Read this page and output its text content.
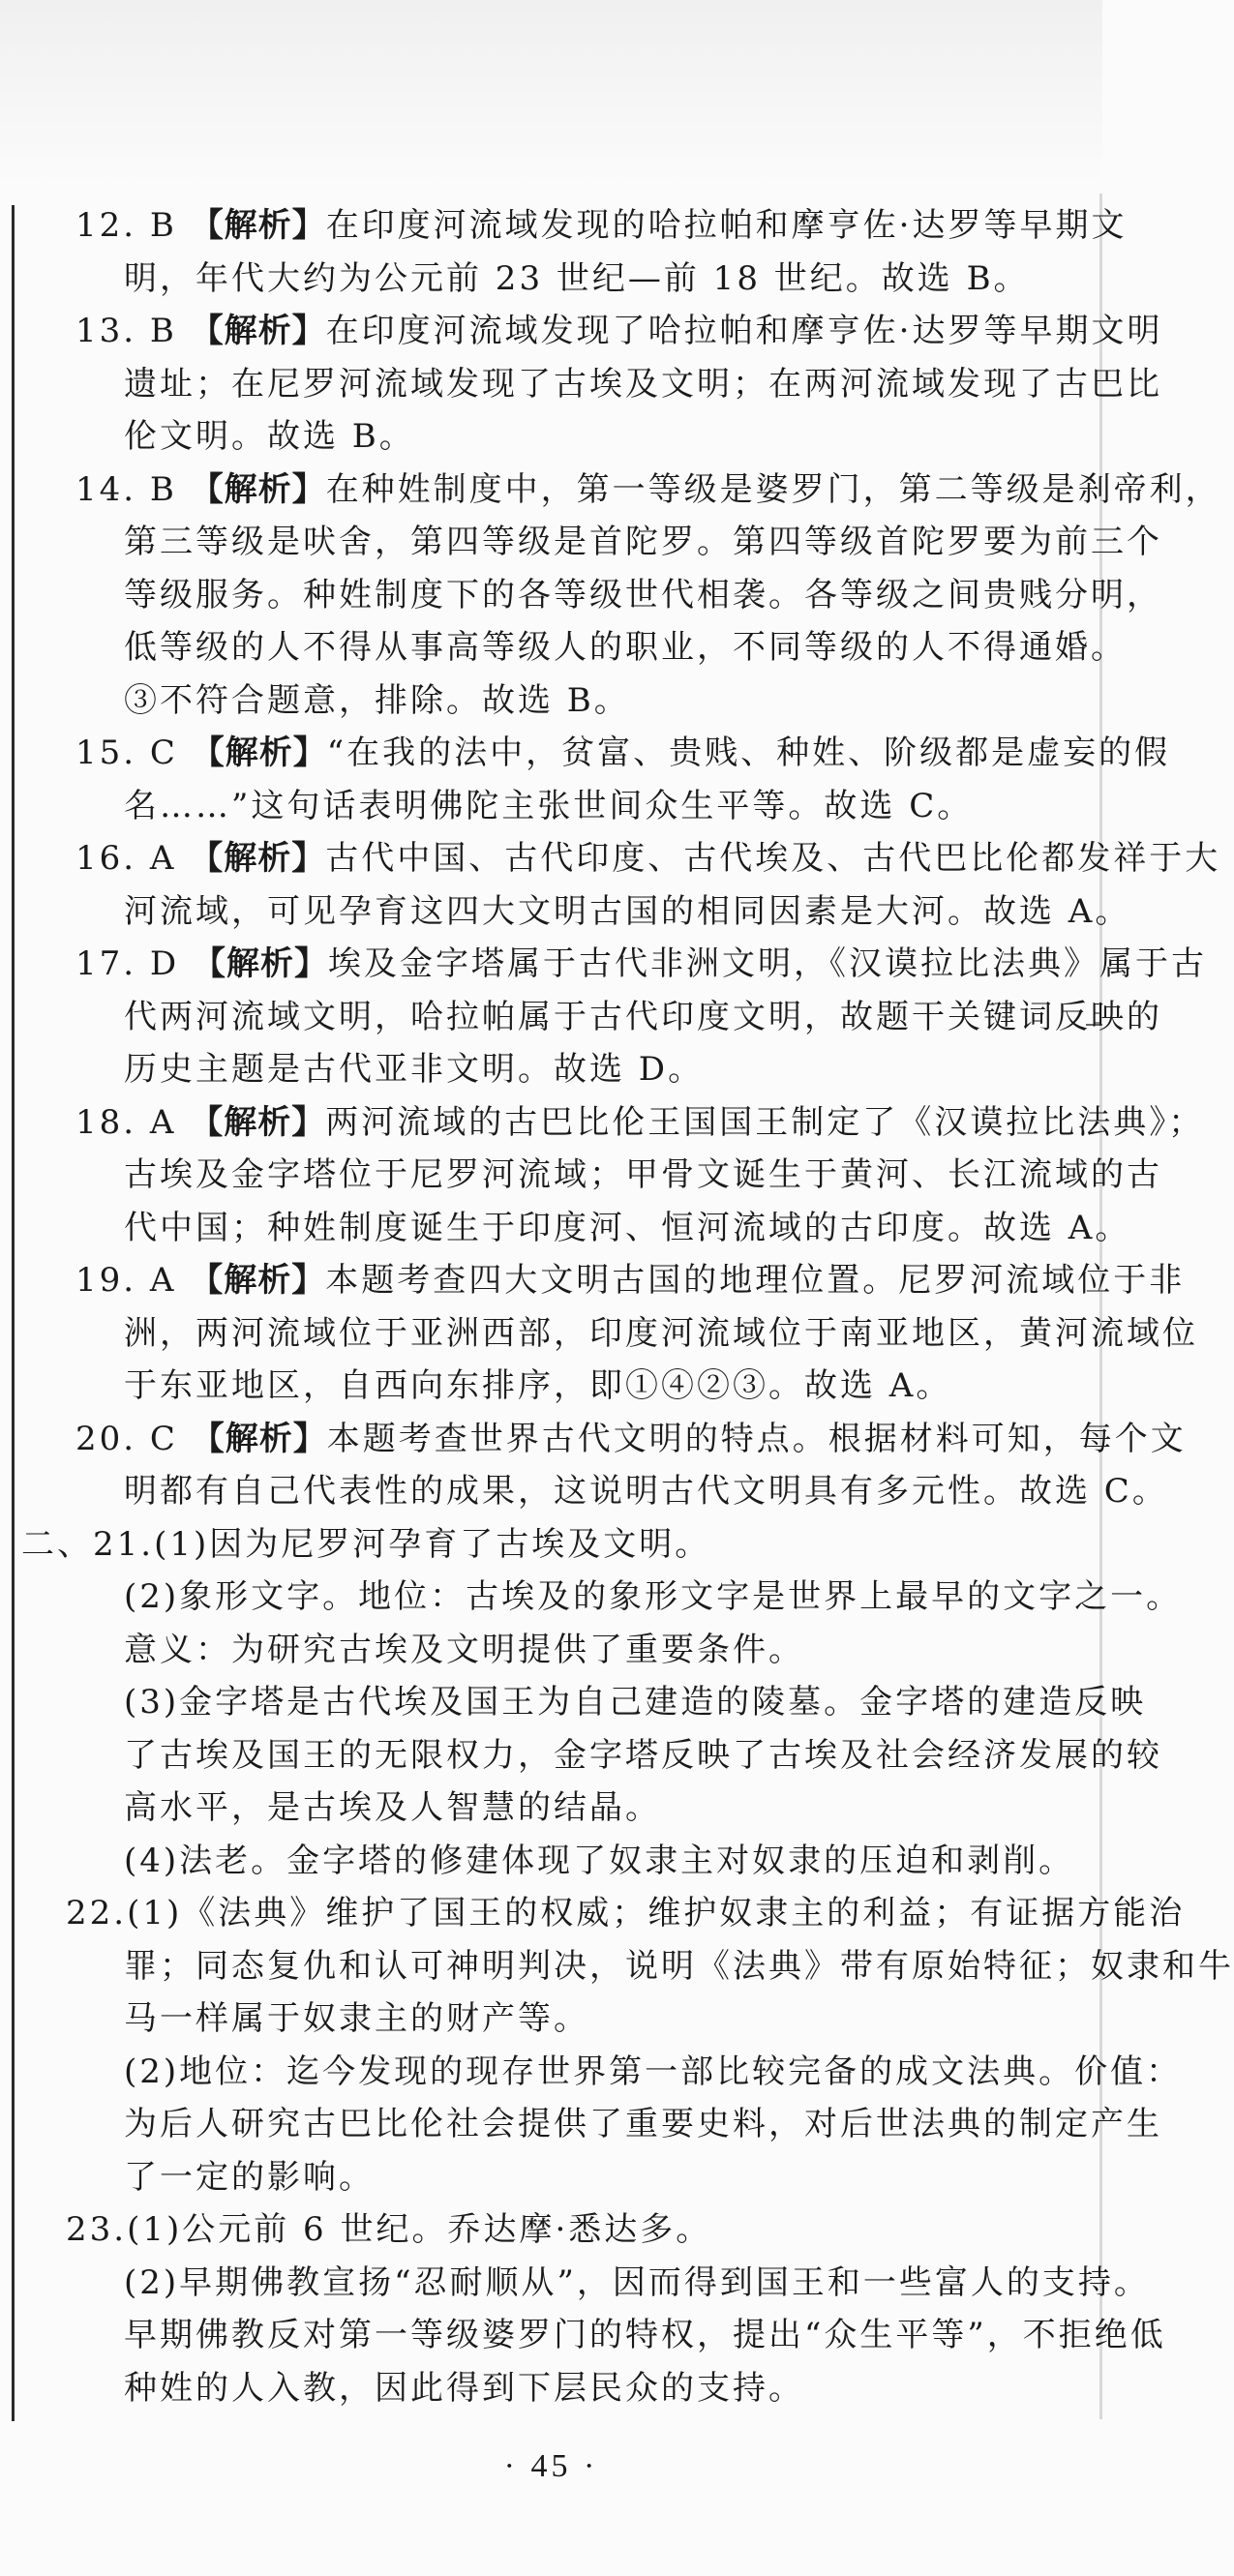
12. B 【解析】在印度河流域发现的哈拉帕和摩亨佐·达罗等早期文
明，年代大约为公元前 23 世纪—前 18 世纪。故选 B。
13. B 【解析】在印度河流域发现了哈拉帕和摩亨佐·达罗等早期文明
遗址；在尼罗河流域发现了古埃及文明；在两河流域发现了古巴比
伦文明。故选 B。
14. B 【解析】在种姓制度中，第一等级是婆罗门，第二等级是刹帝利，
第三等级是吠舍，第四等级是首陀罗。第四等级首陀罗要为前三个
等级服务。种姓制度下的各等级世代相袭。各等级之间贵贱分明，
低等级的人不得从事高等级人的职业，不同等级的人不得通婚。
③不符合题意，排除。故选 B。
15. C 【解析】“在我的法中，贫富、贵贱、种姓、阶级都是虚妄的假
名……”这句话表明佛陀主张世间众生平等。故选 C。
16. A 【解析】古代中国、古代印度、古代埃及、古代巴比伦都发祥于大
河流域，可见孕育这四大文明古国的相同因素是大河。故选 A。
17. D 【解析】埃及金字塔属于古代非洲文明，《汉谟拉比法典》属于古
代两河流域文明，哈拉帕属于古代印度文明，故题干关键词反映的
历史主题是古代亚非文明。故选 D。
18. A 【解析】两河流域的古巴比伦王国国王制定了《汉谟拉比法典》；
古埃及金字塔位于尼罗河流域；甲骨文诞生于黄河、长江流域的古
代中国；种姓制度诞生于印度河、恒河流域的古印度。故选 A。
19. A 【解析】本题考查四大文明古国的地理位置。尼罗河流域位于非
洲，两河流域位于亚洲西部，印度河流域位于南亚地区，黄河流域位
于东亚地区，自西向东排序，即①④②③。故选 A。
20. C 【解析】本题考查世界古代文明的特点。根据材料可知，每个文
明都有自己代表性的成果，这说明古代文明具有多元性。故选 C。
二、21.(1)因为尼罗河孕育了古埃及文明。
(2)象形文字。地位：古埃及的象形文字是世界上最早的文字之一。
意义：为研究古埃及文明提供了重要条件。
(3)金字塔是古代埃及国王为自己建造的陵墓。金字塔的建造反映
了古埃及国王的无限权力，金字塔反映了古埃及社会经济发展的较
高水平，是古埃及人智慧的结晶。
(4)法老。金字塔的修建体现了奴隶主对奴隶的压迫和剥削。
22.(1)《法典》维护了国王的权威；维护奴隶主的利益；有证据方能治
罪；同态复仇和认可神明判决，说明《法典》带有原始特征；奴隶和牛
马一样属于奴隶主的财产等。
(2)地位：迄今发现的现存世界第一部比较完备的成文法典。价值：
为后人研究古巴比伦社会提供了重要史料，对后世法典的制定产生
了一定的影响。
23.(1)公元前 6 世纪。乔达摩·悉达多。
(2)早期佛教宣扬“忍耐顺从”，因而得到国王和一些富人的支持。
早期佛教反对第一等级婆罗门的特权，提出“众生平等”，不拒绝低
种姓的人入教，因此得到下层民众的支持。
· 45 ·
